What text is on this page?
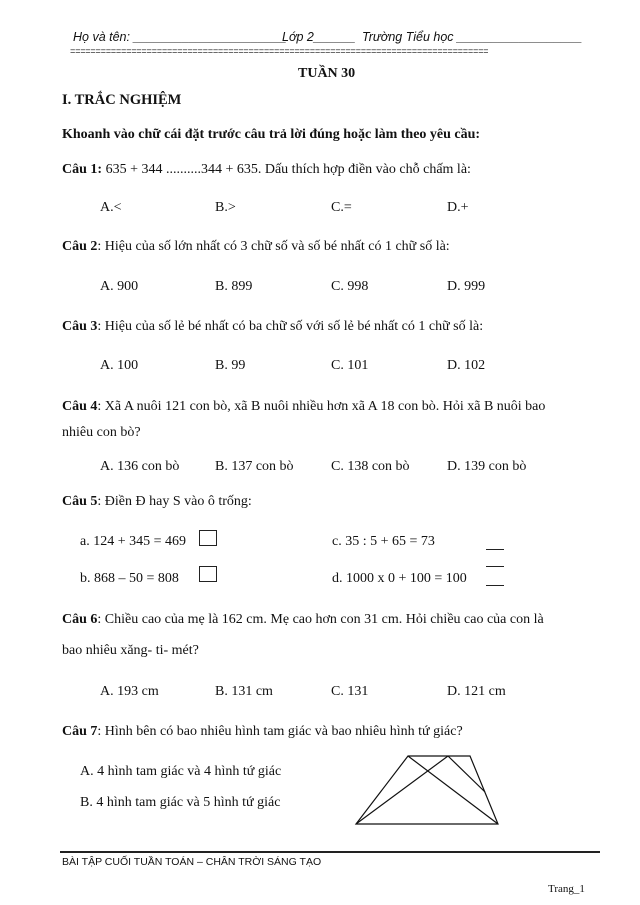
Họ và tên: ______________________
Lớp 2______ Trường Tiểu học __________________
==================================================================================
TUẦN 30
I. TRẮC NGHIỆM
Khoanh vào chữ cái đặt trước câu trả lời đúng hoặc làm theo yêu cầu:
Câu 1: 635 + 344 ..........344 + 635. Dấu thích hợp điền vào chỗ chấm là:
A.<	B.>	C.=	D.+
Câu 2: Hiệu của số lớn nhất có 3 chữ số và số bé nhất có 1 chữ số là:
A. 900	B. 899	C. 998	D. 999
Câu 3: Hiệu của số lẻ bé nhất có ba chữ số với số lẻ bé nhất có 1 chữ số là:
A. 100	B. 99	C. 101	D. 102
Câu 4: Xã A nuôi 121 con bò, xã B nuôi nhiều hơn xã A 18 con bò. Hỏi xã B nuôi bao
nhiêu con bò?
A. 136 con bò	B. 137 con bò	C. 138 con bò	D. 139 con bò
Câu 5: Điền Đ hay S vào ô trống:
a. 124 + 345 = 469	c. 35 : 5 + 65 = 73
b. 868 – 50 = 808	d. 1000 x 0 + 100 = 100
Câu 6: Chiều cao của mẹ là 162 cm. Mẹ cao hơn con 31 cm. Hỏi chiều cao của con là
bao nhiêu xăng- ti- mét?
A. 193 cm	B. 131 cm	C. 131	D. 121 cm
Câu 7: Hình bên có bao nhiêu hình tam giác và bao nhiêu hình tứ giác?
A. 4 hình tam giác và 4 hình tứ giác
B. 4 hình tam giác và 5 hình tứ giác
BÀI TẬP CUỐI TUẦN TOÁN – CHÂN TRỜI SÁNG TẠO
Trang_1
